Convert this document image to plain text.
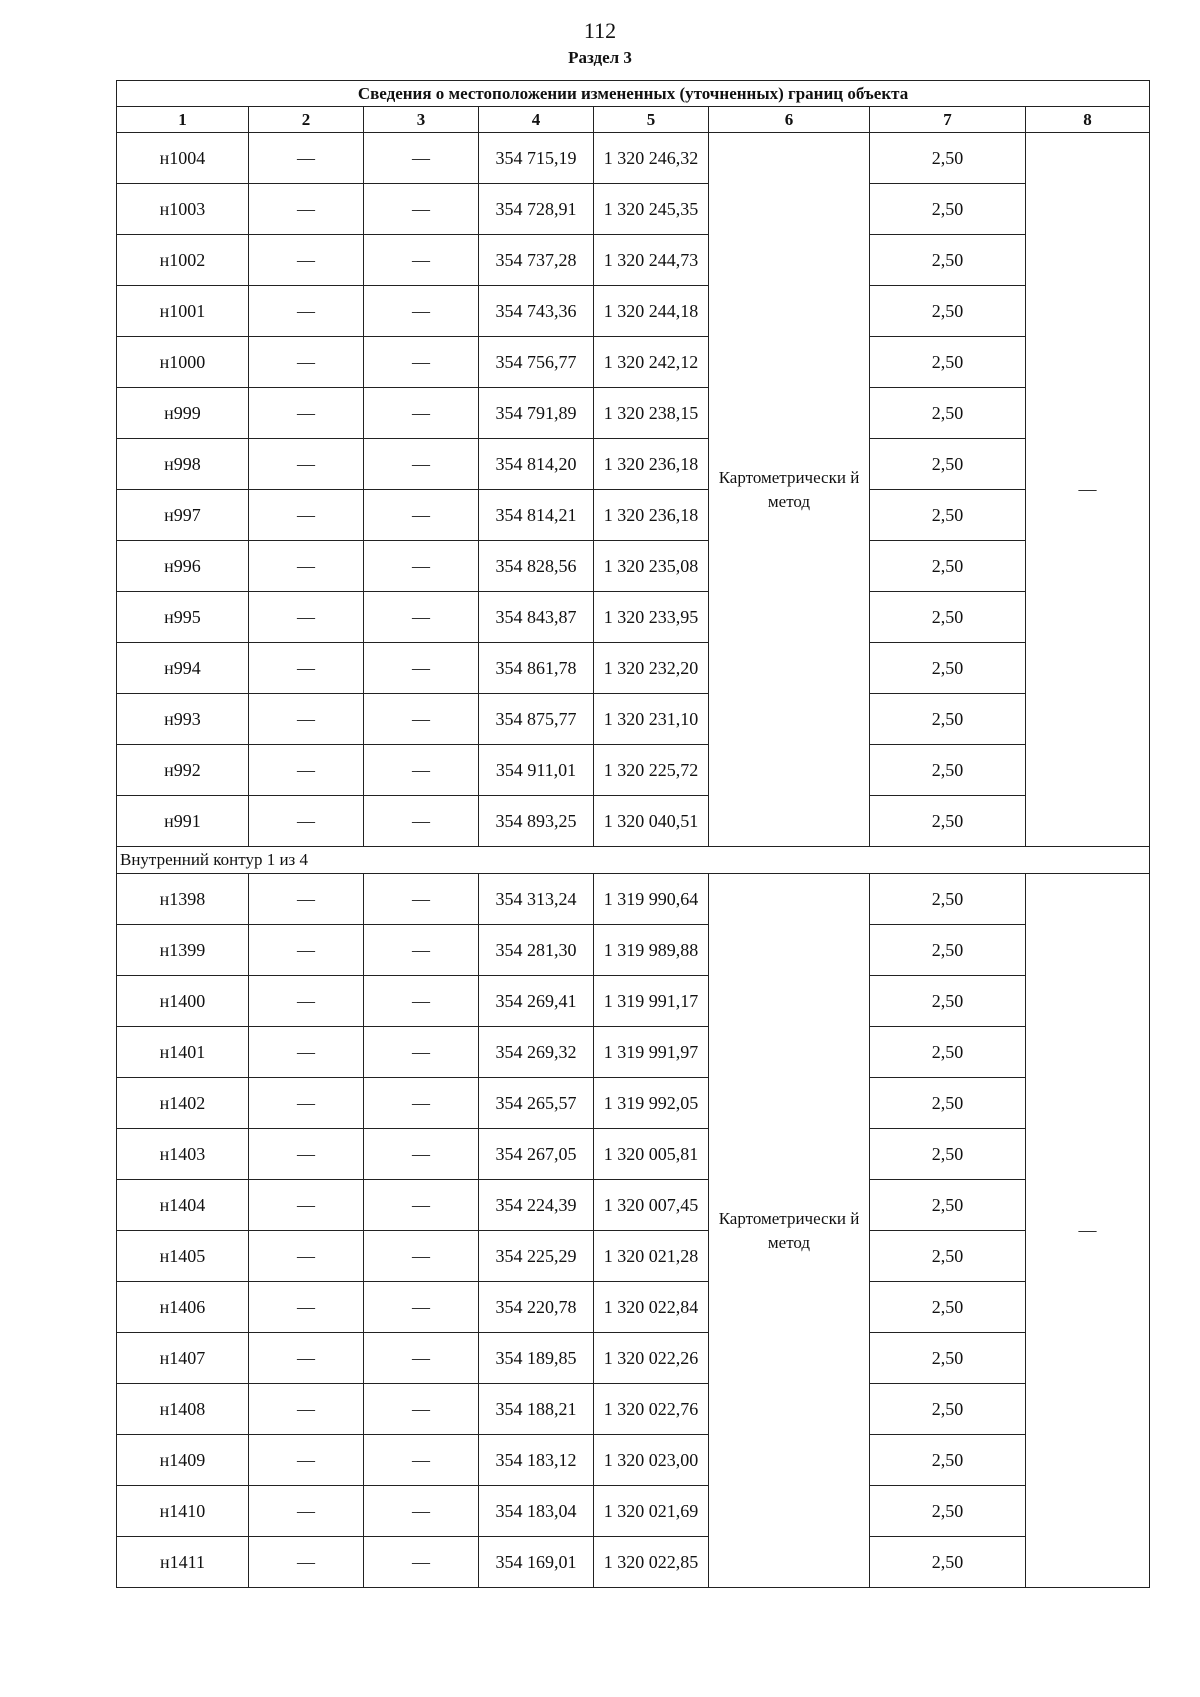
112
Раздел 3
Сведения о местоположении измененных (уточненных) границ объекта							
1	2	3	4	5	6	7	8
н1004	—	—	354 715,19	1 320 246,32	Картометрически й метод	2,50	—
н1003	—	—	354 728,91	1 320 245,35		2,50	
н1002	—	—	354 737,28	1 320 244,73		2,50	
н1001	—	—	354 743,36	1 320 244,18		2,50	
н1000	—	—	354 756,77	1 320 242,12		2,50	
н999	—	—	354 791,89	1 320 238,15		2,50	
н998	—	—	354 814,20	1 320 236,18		2,50	
н997	—	—	354 814,21	1 320 236,18		2,50	
н996	—	—	354 828,56	1 320 235,08		2,50	
н995	—	—	354 843,87	1 320 233,95		2,50	
н994	—	—	354 861,78	1 320 232,20		2,50	
н993	—	—	354 875,77	1 320 231,10		2,50	
н992	—	—	354 911,01	1 320 225,72		2,50	
н991	—	—	354 893,25	1 320 040,51		2,50	
Внутренний контур 1 из 4							
н1398	—	—	354 313,24	1 319 990,64	Картометрически й метод	2,50	—
н1399	—	—	354 281,30	1 319 989,88		2,50	
н1400	—	—	354 269,41	1 319 991,17		2,50	
н1401	—	—	354 269,32	1 319 991,97		2,50	
н1402	—	—	354 265,57	1 319 992,05		2,50	
н1403	—	—	354 267,05	1 320 005,81		2,50	
н1404	—	—	354 224,39	1 320 007,45		2,50	
н1405	—	—	354 225,29	1 320 021,28		2,50	
н1406	—	—	354 220,78	1 320 022,84		2,50	
н1407	—	—	354 189,85	1 320 022,26		2,50	
н1408	—	—	354 188,21	1 320 022,76		2,50	
н1409	—	—	354 183,12	1 320 023,00		2,50	
н1410	—	—	354 183,04	1 320 021,69		2,50	
н1411	—	—	354 169,01	1 320 022,85		2,50	
